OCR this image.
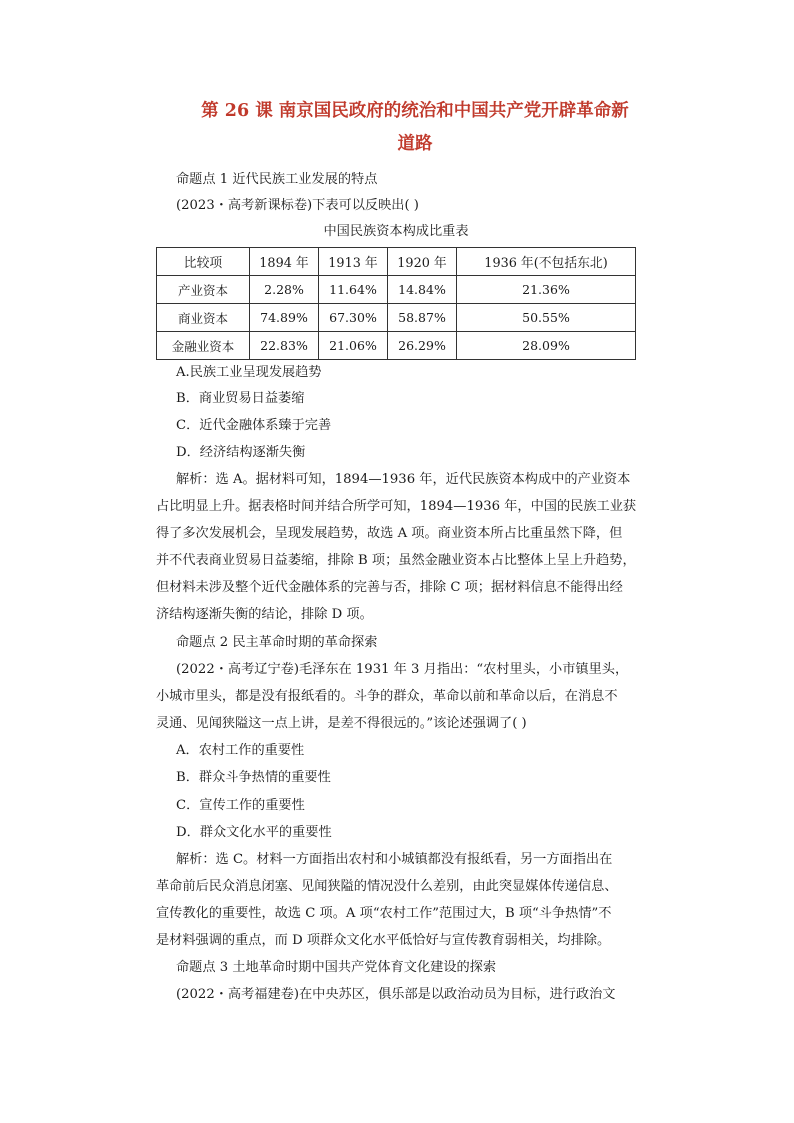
第 26 课 南京国民政府的统治和中国共产党开辟革命新
道路
命题点 1 近代民族工业发展的特点
(2023・高考新课标卷)下表可以反映出( )
中国民族资本构成比重表
比较项	1894 年	1913 年	1920 年	1936 年(不包括东北)
产业资本	2.28%	11.64%	14.84%	21.36%
商业资本	74.89%	67.30%	58.87%	50.55%
金融业资本	22.83%	21.06%	26.29%	28.09%
A.民族工业呈现发展趋势
B．商业贸易日益萎缩
C．近代金融体系臻于完善
D．经济结构逐渐失衡
解析：选 A。据材料可知，1894—1936 年，近代民族资本构成中的产业资本
占比明显上升。据表格时间并结合所学可知，1894—1936 年，中国的民族工业获
得了多次发展机会，呈现发展趋势，故选 A 项。商业资本所占比重虽然下降，但
并不代表商业贸易日益萎缩，排除 B 项；虽然金融业资本占比整体上呈上升趋势，
但材料未涉及整个近代金融体系的完善与否，排除 C 项；据材料信息不能得出经
济结构逐渐失衡的结论，排除 D 项。
命题点 2 民主革命时期的革命探索
(2022・高考辽宁卷)毛泽东在 1931 年 3 月指出：“农村里头，小市镇里头，
小城市里头，都是没有报纸看的。斗争的群众，革命以前和革命以后，在消息不
灵通、见闻狭隘这一点上讲，是差不得很远的。”该论述强调了( )
A．农村工作的重要性
B．群众斗争热情的重要性
C．宣传工作的重要性
D．群众文化水平的重要性
解析：选 C。材料一方面指出农村和小城镇都没有报纸看，另一方面指出在
革命前后民众消息闭塞、见闻狭隘的情况没什么差别，由此突显媒体传递信息、
宣传教化的重要性，故选 C 项。A 项“农村工作”范围过大，B 项“斗争热情”不
是材料强调的重点，而 D 项群众文化水平低恰好与宣传教育弱相关，均排除。
命题点 3 土地革命时期中国共产党体育文化建设的探索
(2022・高考福建卷)在中央苏区，俱乐部是以政治动员为目标，进行政治文
